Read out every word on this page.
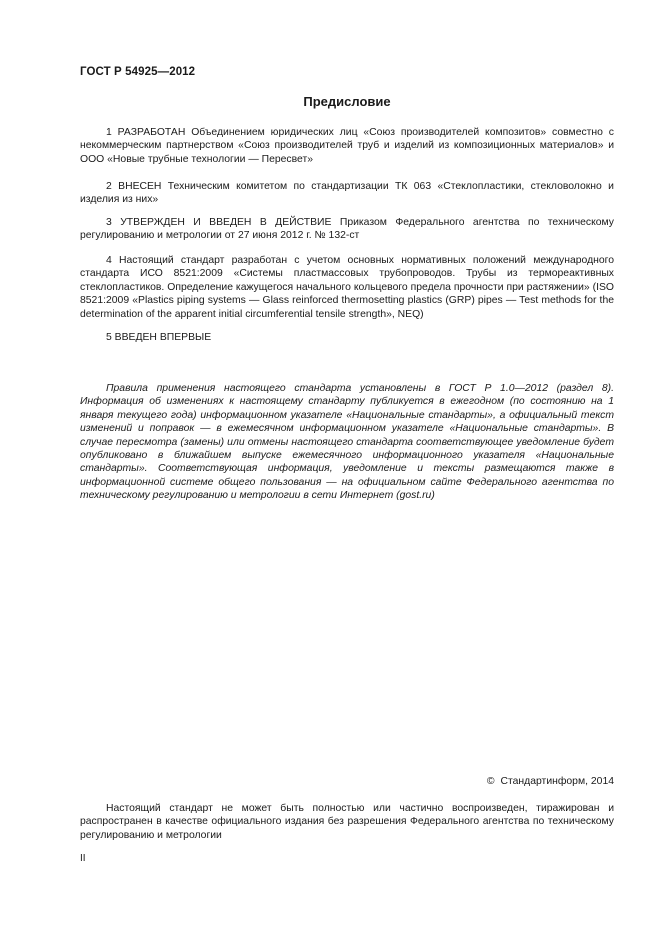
ГОСТ Р 54925—2012
Предисловие

1 РАЗРАБОТАН Объединением юридических лиц «Союз производителей композитов» совместно с некоммерческим партнерством «Союз производителей труб и изделий из композиционных материалов» и ООО «Новые трубные технологии — Пересвет»

2 ВНЕСЕН Техническим комитетом по стандартизации ТК 063 «Стеклопластики, стекловолокно и изделия из них»

3 УТВЕРЖДЕН И ВВЕДЕН В ДЕЙСТВИЕ Приказом Федерального агентства по техническому регулированию и метрологии от 27 июня 2012 г. № 132-ст

4 Настоящий стандарт разработан с учетом основных нормативных положений международного стандарта ИСО 8521:2009 «Системы пластмассовых трубопроводов. Трубы из термореактивных стеклопластиков. Определение кажущегося начального кольцевого предела прочности при растяжении» (ISO 8521:2009 «Plastics piping systems — Glass reinforced thermosetting plastics (GRP) pipes — Test methods for the determination of the apparent initial circumferential tensile strength», NEQ)

5 ВВЕДЕН ВПЕРВЫЕ

Правила применения настоящего стандарта установлены в ГОСТ Р 1.0—2012 (раздел 8). Информация об изменениях к настоящему стандарту публикуется в ежегодном (по состоянию на 1 января текущего года) информационном указателе «Национальные стандарты», а официальный текст изменений и поправок — в ежемесячном информационном указателе «Национальные стандарты». В случае пересмотра (замены) или отмены настоящего стандарта соответствующее уведомление будет опубликовано в ближайшем выпуске ежемесячного информационного указателя «Национальные стандарты». Соответствующая информация, уведомление и тексты размещаются также в информационной системе общего пользования — на официальном сайте Федерального агентства по техническому регулированию и метрологии в сети Интернет (gost.ru)

© Стандартинформ, 2014

Настоящий стандарт не может быть полностью или частично воспроизведен, тиражирован и распространен в качестве официального издания без разрешения Федерального агентства по техническому регулированию и метрологии

II
